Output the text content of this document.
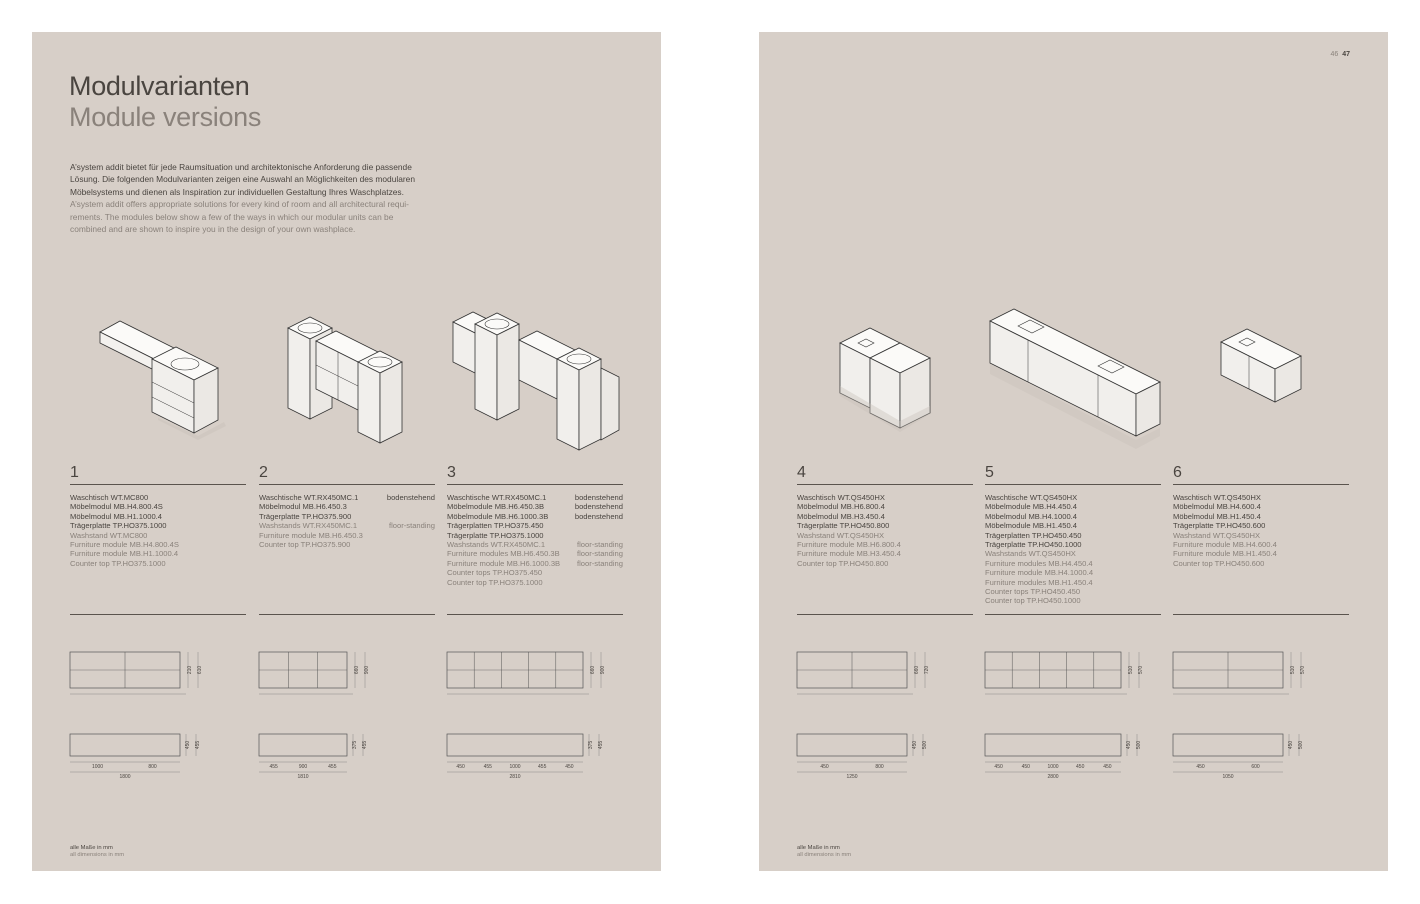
Modulvarianten
Module versions
A’system addit bietet für jede Raumsituation und architektonische Anforderung die passende
Lösung. Die folgenden Modulvarianten zeigen eine Auswahl an Möglichkeiten des modularen
Möbelsystems und dienen als Inspiration zur individuellen Gestaltung Ihres Waschplatzes.
A’system addit offers appropriate solutions for every kind of room and all architectural requi-
rements. The modules below show a few of the ways in which our modular units can be
combined and are shown to inspire you in the design of your own washplace.
alle Maße in mm
all dimensions in mm
46 47
alle Maße in mm
all dimensions in mm
1
Waschtisch WT.MC800
Möbelmodul MB.H4.800.4S
Möbelmodul MB.H1.1000.4
Trägerplatte TP.HO375.1000
Washstand WT.MC800
Furniture module MB.H4.800.4S
Furniture module MB.H1.1000.4
Counter top TP.HO375.1000
210 610
450 455
1000	800
1800
2
Waschtische WT.RX450MC.1	bodenstehend
Möbelmodul MB.H6.450.3
Trägerplatte TP.HO375.900
Washstands WT.RX450MC.1	floor-standing
Furniture module MB.H6.450.3
Counter top TP.HO375.900
660 900
375 455
455	900	455
1810
3
Waschtische WT.RX450MC.1	bodenstehend
Möbelmodule MB.H6.450.3B	bodenstehend
Möbelmodule MB.H6.1000.3B	bodenstehend
Trägerplatten TP.HO375.450
Trägerplatte TP.HO375.1000
Washstands WT.RX450MC.1	floor-standing
Furniture modules MB.H6.450.3B floor-standing
Furniture module MB.H6.1000.3B floor-standing
Counter tops TP.HO375.450
Counter top TP.HO375.1000
660 900
375 455
450	455	1000	455	450
2810
4
Waschtisch WT.QS450HX
Möbelmodul MB.H6.800.4
Möbelmodul MB.H3.450.4
Trägerplatte TP.HO450.800
Washstand WT.QS450HX
Furniture module MB.H6.800.4
Furniture module MB.H3.450.4
Counter top TP.HO450.800
660 720
450 500
450	800
1250
5
Waschtische WT.QS450HX
Möbelmodule MB.H4.450.4
Möbelmodul MB.H4.1000.4
Möbelmodule MB.H1.450.4
Trägerplatten TP.HO450.450
Trägerplatte TP.HO450.1000
Washstands WT.QS450HX
Furniture modules MB.H4.450.4
Furniture module MB.H4.1000.4
Furniture modules MB.H1.450.4
Counter tops TP.HO450.450
Counter top TP.HO450.1000
510 570
450 500
450	450	1000	450	450
2800
6
Waschtisch WT.QS450HX
Möbelmodul MB.H4.600.4
Möbelmodul MB.H1.450.4
Trägerplatte TP.HO450.600
Washstand WT.QS450HX
Furniture module MB.H4.600.4
Furniture module MB.H1.450.4
Counter top TP.HO450.600
510 570
450 500
450	600
1050
